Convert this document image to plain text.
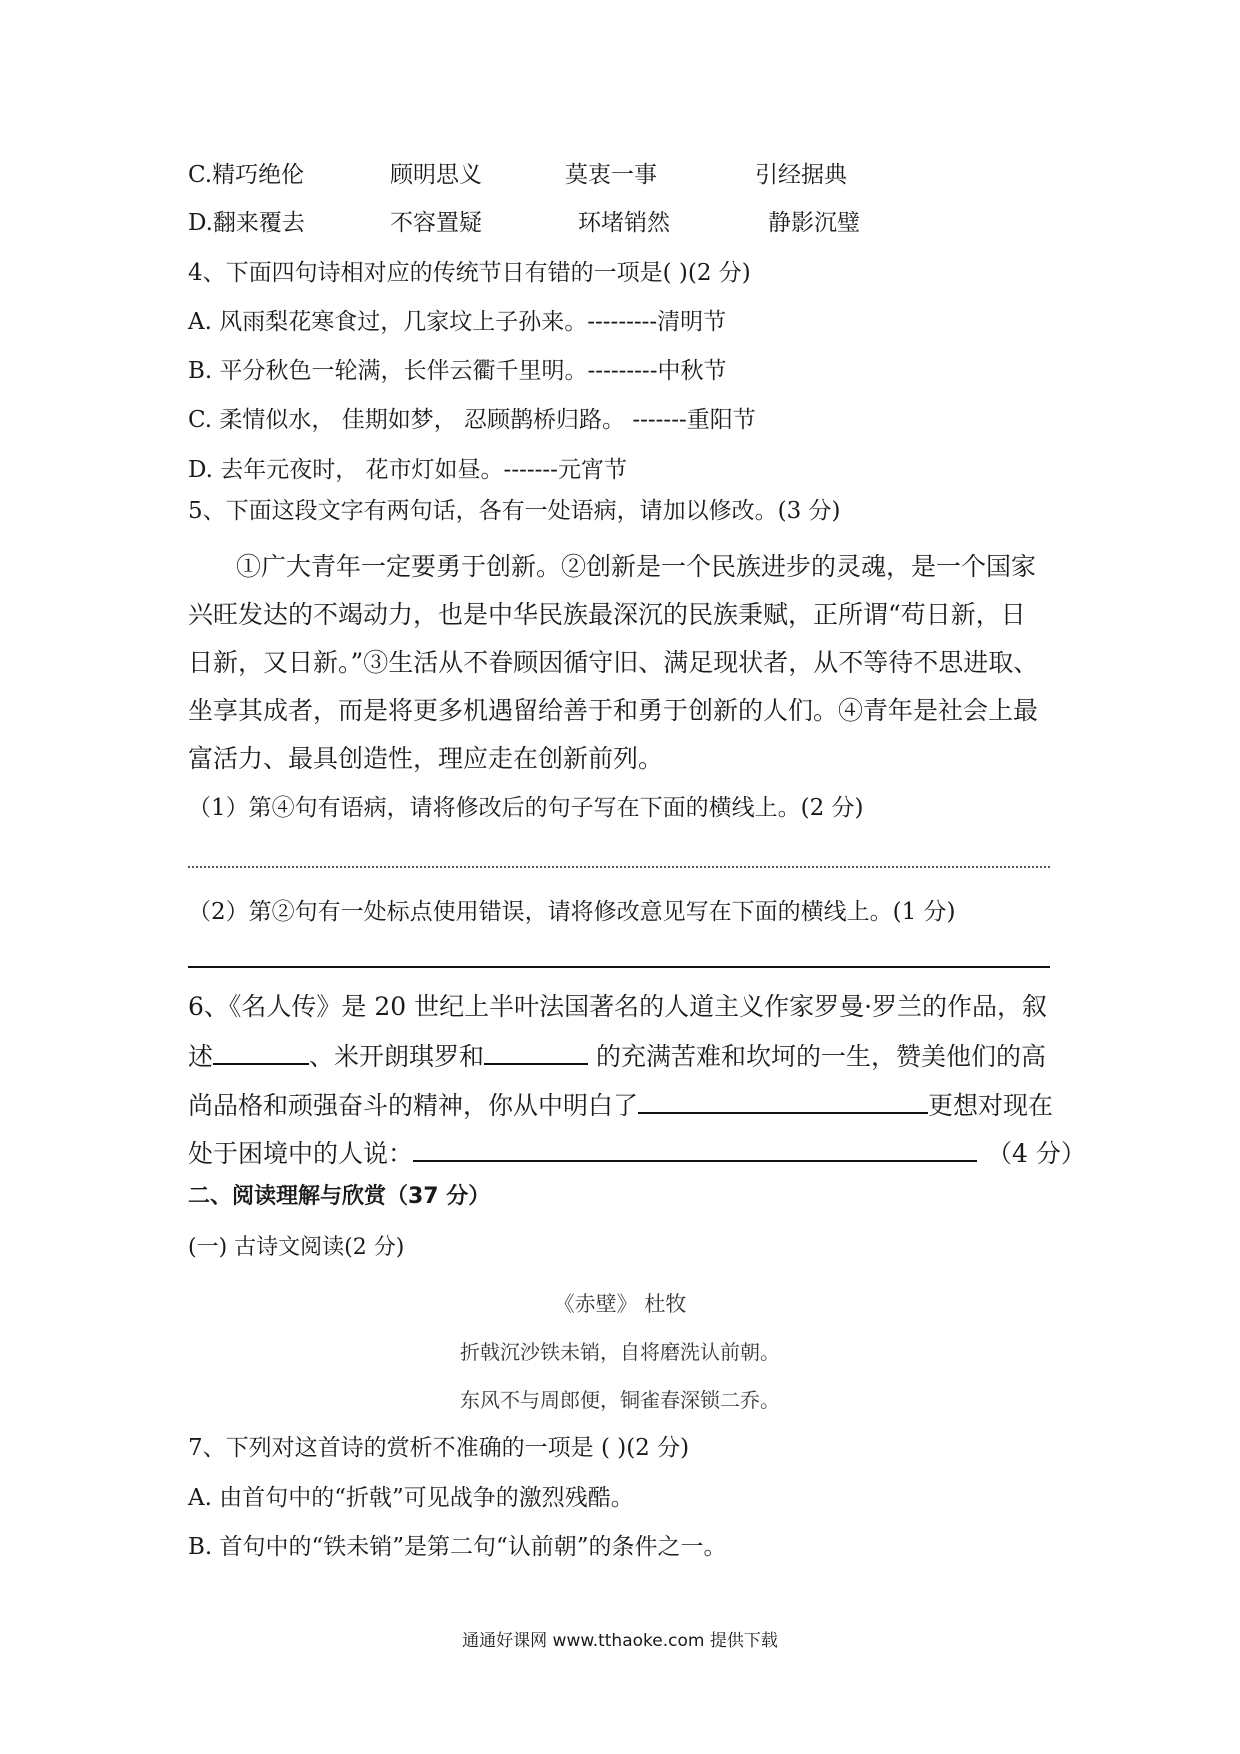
C.精巧绝伦	顾明思义	莫衷一事	引经据典
D.翻来覆去	不容置疑	环堵销然	静影沉璧
4、下面四句诗相对应的传统节日有错的一项是( )(2 分)
A. 风雨梨花寒食过，几家坟上子孙来。---------清明节
B. 平分秋色一轮满，长伴云衢千里明。---------中秋节
C. 柔情似水， 佳期如梦， 忍顾鹊桥归路。 -------重阳节
D. 去年元夜时， 花市灯如昼。-------元宵节
5、下面这段文字有两句话，各有一处语病，请加以修改。(3 分)
①广大青年一定要勇于创新。②创新是一个民族进步的灵魂，是一个国家
兴旺发达的不竭动力，也是中华民族最深沉的民族秉赋，正所谓“苟日新，日
日新，又日新。”③生活从不眷顾因循守旧、满足现状者，从不等待不思进取、
坐享其成者，而是将更多机遇留给善于和勇于创新的人们。④青年是社会上最
富活力、最具创造性，理应走在创新前列。
（1）第④句有语病，请将修改后的句子写在下面的横线上。(2 分)
（2）第②句有一处标点使用错误，请将修改意见写在下面的横线上。(1 分)
6、《名人传》是 20 世纪上半叶法国著名的人道主义作家罗曼·罗兰的作品，叙
述	、米开朗琪罗和	的充满苦难和坎坷的一生，赞美他们的高
尚品格和顽强奋斗的精神，你从中明白了	更想对现在
处于困境中的人说：	（4 分）
二、阅读理解与欣赏（37 分）
(一) 古诗文阅读(2 分)
《赤壁》 杜牧
折戟沉沙铁未销，自将磨洗认前朝。
东风不与周郎便，铜雀春深锁二乔。
7、下列对这首诗的赏析不准确的一项是 ( )(2 分)
A. 由首句中的“折戟”可见战争的激烈残酷。
B. 首句中的“铁未销”是第二句“认前朝”的条件之一。
通通好课网 www.tthaoke.com 提供下载
